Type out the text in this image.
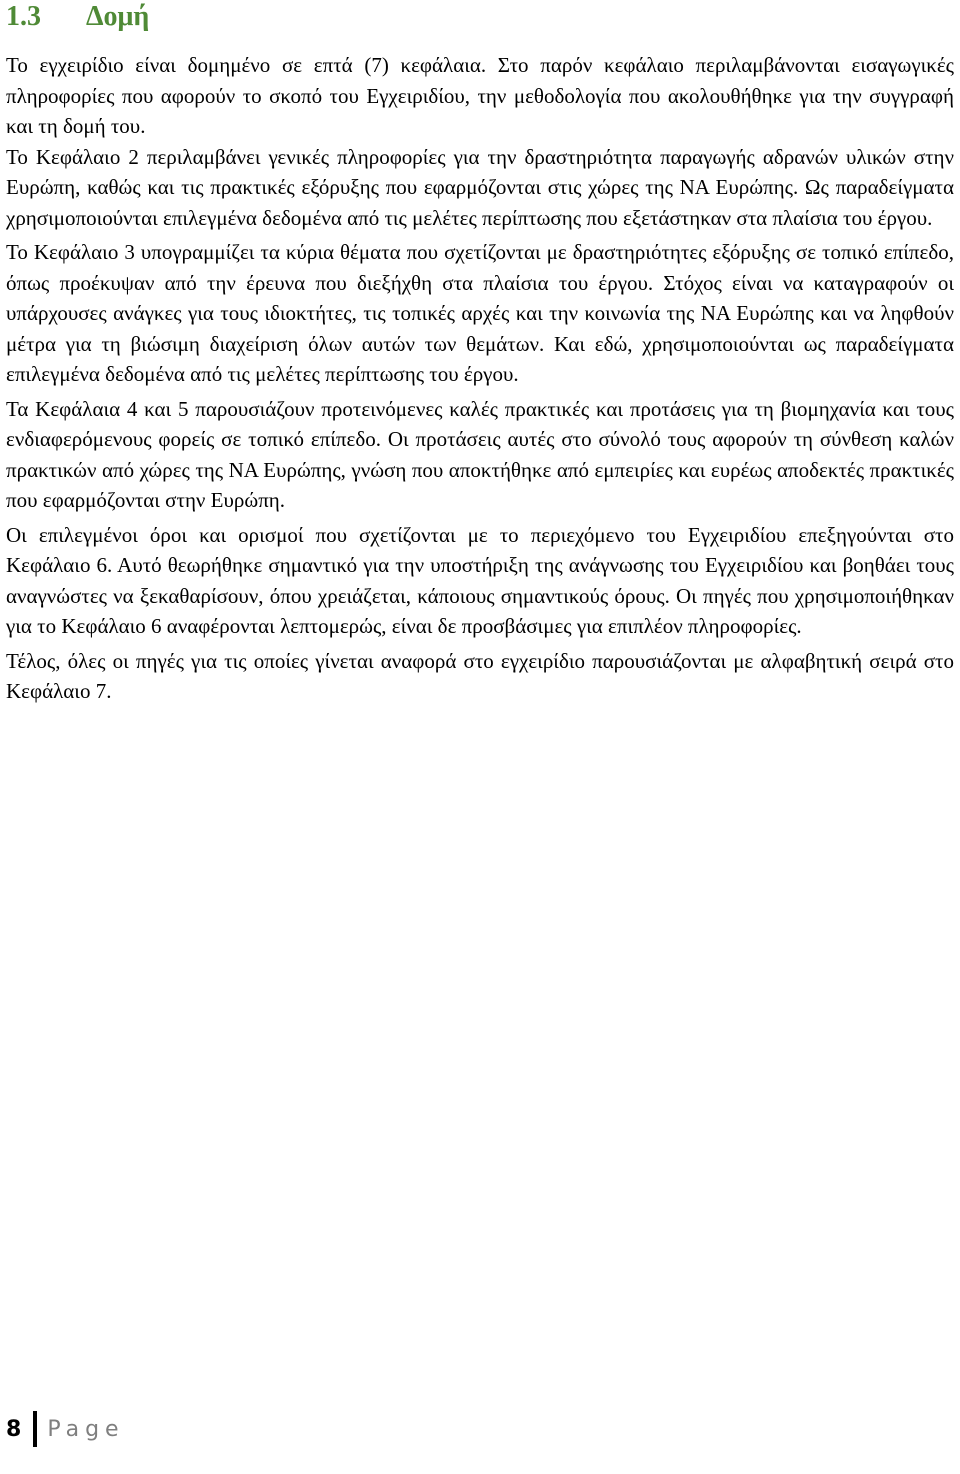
1.3 Δομή

Το εγχειρίδιο είναι δομημένο σε επτά (7) κεφάλαια. Στο παρόν κεφάλαιο περιλαμβάνονται εισαγωγικές πληροφορίες που αφορούν το σκοπό του Εγχειριδίου, την μεθοδολογία που ακολουθήθηκε για την συγγραφή και τη δομή του.

Το Κεφάλαιο 2 περιλαμβάνει γενικές πληροφορίες για την δραστηριότητα παραγωγής αδρανών υλικών στην Ευρώπη, καθώς και τις πρακτικές εξόρυξης που εφαρμόζονται στις χώρες της ΝΑ Ευρώπης. Ως παραδείγματα χρησιμοποιούνται επιλεγμένα δεδομένα από τις μελέτες περίπτωσης που εξετάστηκαν στα πλαίσια του έργου.

Το Κεφάλαιο 3 υπογραμμίζει τα κύρια θέματα που σχετίζονται με δραστηριότητες εξόρυξης σε τοπικό επίπεδο, όπως προέκυψαν από την έρευνα που διεξήχθη στα πλαίσια του έργου. Στόχος είναι να καταγραφούν οι υπάρχουσες ανάγκες για τους ιδιοκτήτες, τις τοπικές αρχές και την κοινωνία της ΝΑ Ευρώπης και να ληφθούν μέτρα για τη βιώσιμη διαχείριση όλων αυτών των θεμάτων. Και εδώ, χρησιμοποιούνται ως παραδείγματα επιλεγμένα δεδομένα από τις μελέτες περίπτωσης του έργου.

Τα Κεφάλαια 4 και 5 παρουσιάζουν προτεινόμενες καλές πρακτικές και προτάσεις για τη βιομηχανία και τους ενδιαφερόμενους φορείς σε τοπικό επίπεδο. Οι προτάσεις αυτές στο σύνολό τους αφορούν τη σύνθεση καλών πρακτικών από χώρες της ΝΑ Ευρώπης, γνώση που αποκτήθηκε από εμπειρίες και ευρέως αποδεκτές πρακτικές που εφαρμόζονται στην Ευρώπη.

Οι επιλεγμένοι όροι και ορισμοί που σχετίζονται με το περιεχόμενο του Εγχειριδίου επεξηγούνται στο Κεφάλαιο 6. Αυτό θεωρήθηκε σημαντικό για την υποστήριξη της ανάγνωσης του Εγχειριδίου και βοηθάει τους αναγνώστες να ξεκαθαρίσουν, όπου χρειάζεται, κάποιους σημαντικούς όρους. Οι πηγές που χρησιμοποιήθηκαν για το Κεφάλαιο 6 αναφέρονται λεπτομερώς, είναι δε προσβάσιμες για επιπλέον πληροφορίες.

Τέλος, όλες οι πηγές για τις οποίες γίνεται αναφορά στο εγχειρίδιο παρουσιάζονται με αλφαβητική σειρά στο Κεφάλαιο 7.

8 Page
